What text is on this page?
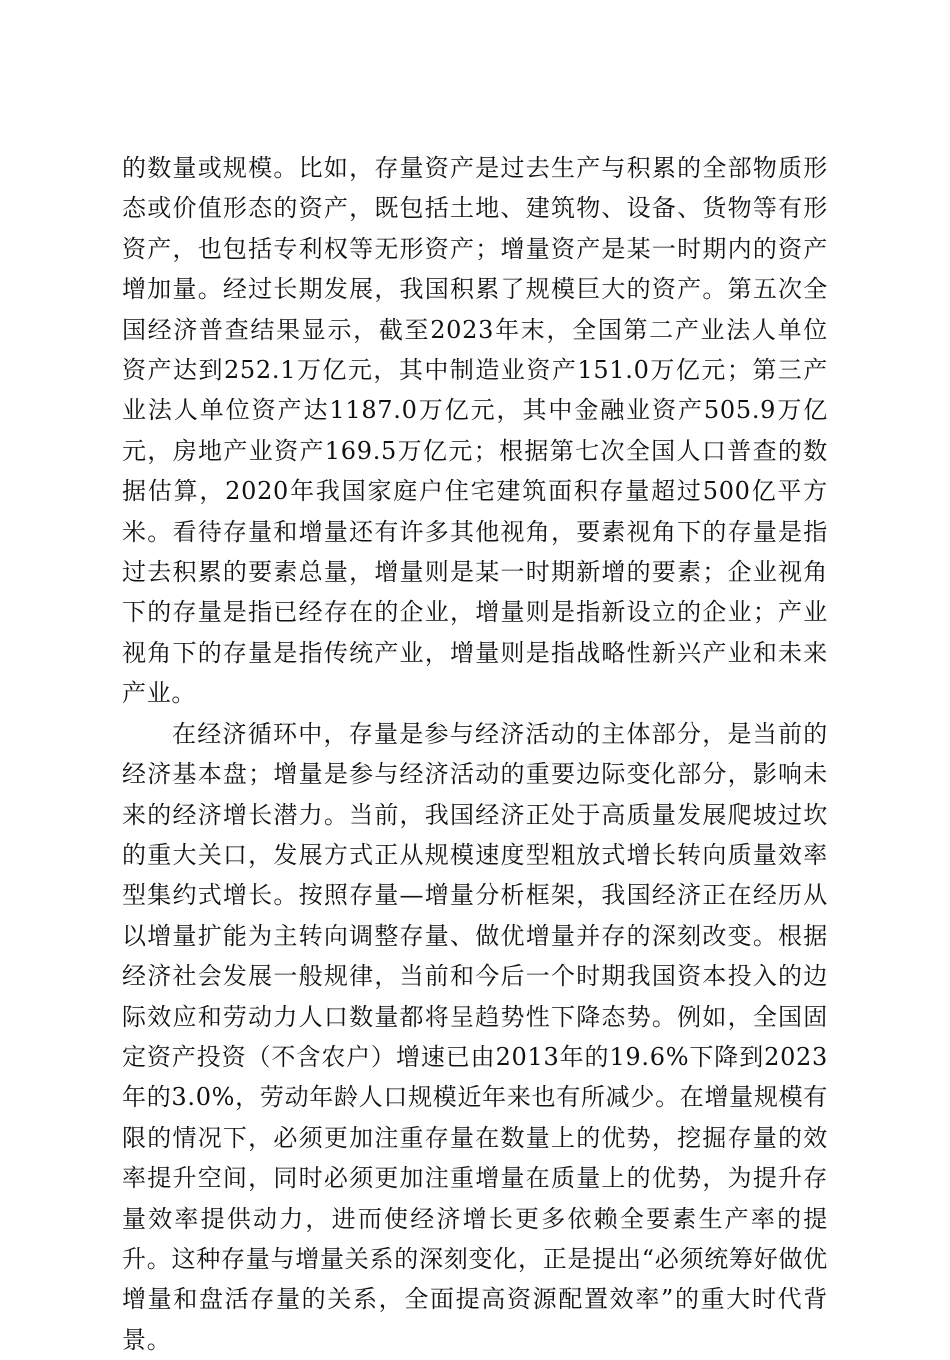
的数量或规模。比如，存量资产是过去生产与积累的全部物质形态或价值形态的资产，既包括土地、建筑物、设备、货物等有形资产，也包括专利权等无形资产；增量资产是某一时期内的资产增加量。经过长期发展，我国积累了规模巨大的资产。第五次全国经济普查结果显示，截至2023年末，全国第二产业法人单位资产达到252.1万亿元，其中制造业资产151.0万亿元；第三产业法人单位资产达1187.0万亿元，其中金融业资产505.9万亿元，房地产业资产169.5万亿元；根据第七次全国人口普查的数据估算，2020年我国家庭户住宅建筑面积存量超过500亿平方米。看待存量和增量还有许多其他视角，要素视角下的存量是指过去积累的要素总量，增量则是某一时期新增的要素；企业视角下的存量是指已经存在的企业，增量则是指新设立的企业；产业视角下的存量是指传统产业，增量则是指战略性新兴产业和未来产业。

在经济循环中，存量是参与经济活动的主体部分，是当前的经济基本盘；增量是参与经济活动的重要边际变化部分，影响未来的经济增长潜力。当前，我国经济正处于高质量发展爬坡过坎的重大关口，发展方式正从规模速度型粗放式增长转向质量效率型集约式增长。按照存量—增量分析框架，我国经济正在经历从以增量扩能为主转向调整存量、做优增量并存的深刻改变。根据经济社会发展一般规律，当前和今后一个时期我国资本投入的边际效应和劳动力人口数量都将呈趋势性下降态势。例如，全国固定资产投资（不含农户）增速已由2013年的19.6%下降到2023年的3.0%，劳动年龄人口规模近年来也有所减少。在增量规模有限的情况下，必须更加注重存量在数量上的优势，挖掘存量的效率提升空间，同时必须更加注重增量在质量上的优势，为提升存量效率提供动力，进而使经济增长更多依赖全要素生产率的提升。这种存量与增量关系的深刻变化，正是提出“必须统筹好做优增量和盘活存量的关系，全面提高资源配置效率”的重大时代背景。
